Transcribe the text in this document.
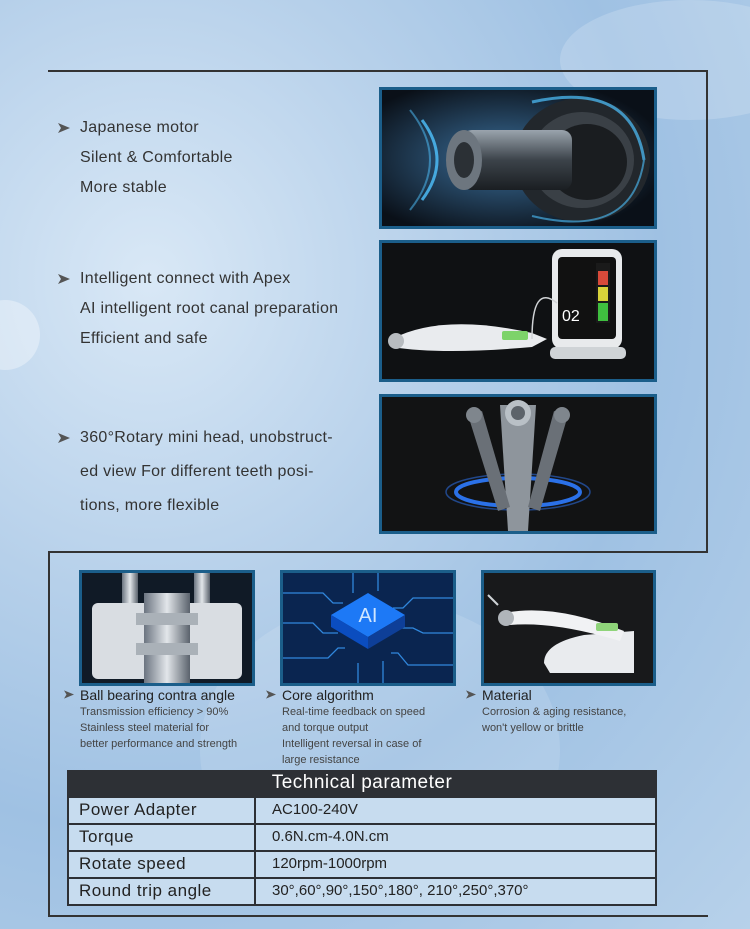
Japanese motor
Silent & Comfortable
More stable
Intelligent connect with Apex
AI intelligent root canal preparation
Efficient and safe
360°Rotary mini head, unobstruct-
ed view For different teeth posi-
tions, more flexible
02
AI
Ball bearing contra angle
Transmission efficiency > 90%
Stainless steel material for
better performance and strength
Core algorithm
Real-time feedback on speed
and torque output
Intelligent reversal in case of
large resistance
Material
Corrosion & aging resistance,
won't yellow or brittle
Technical parameter
Power Adapter	AC100-240V
Torque	0.6N.cm-4.0N.cm
Rotate speed	120rpm-1000rpm
Round trip angle	30°,60°,90°,150°,180°, 210°,250°,370°
